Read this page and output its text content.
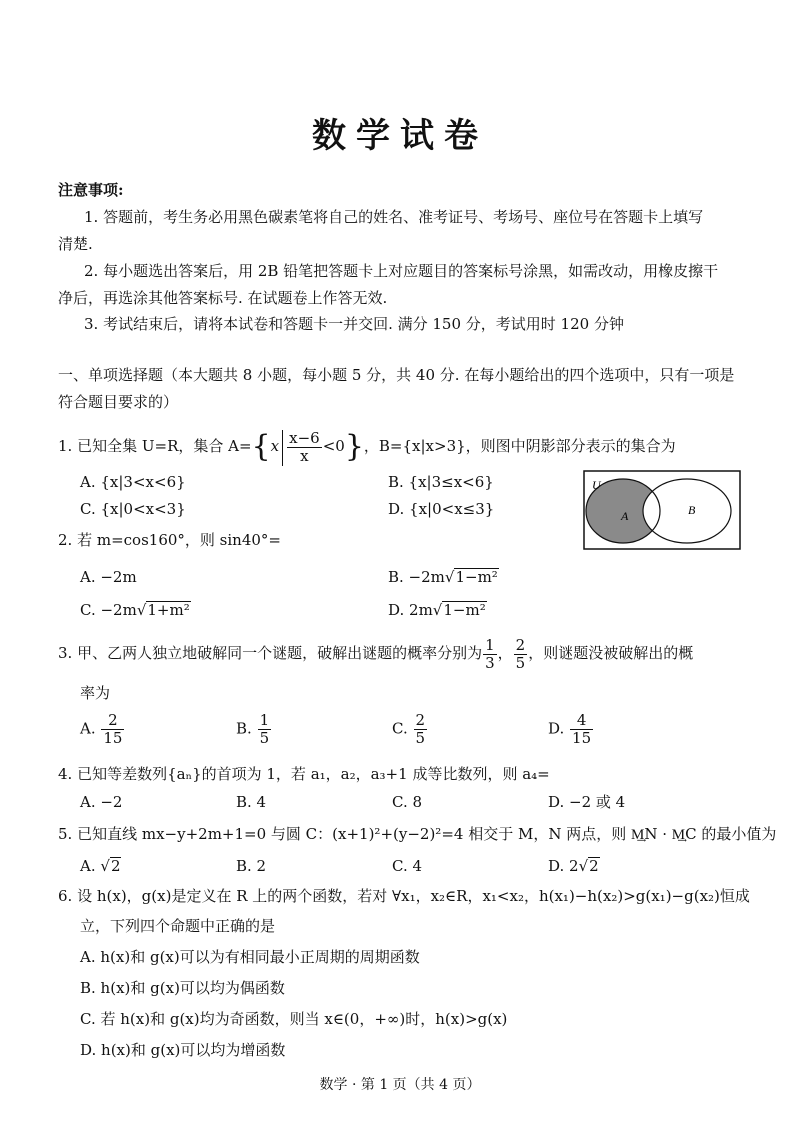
数学试卷
注意事项:
1. 答题前，考生务必用黑色碳素笔将自己的姓名、准考证号、考场号、座位号在答题卡上填写
清楚.
2. 每小题选出答案后，用 2B 铅笔把答题卡上对应题目的答案标号涂黑，如需改动，用橡皮擦干
净后，再选涂其他答案标号. 在试题卷上作答无效.
3. 考试结束后，请将本试卷和答题卡一并交回. 满分 150 分，考试用时 120 分钟
一、单项选择题（本大题共 8 小题，每小题 5 分，共 40 分. 在每小题给出的四个选项中，只有一项是
符合题目要求的）
1. 已知全集 U=R，集合 $A=\{x \frac{x-6}{x} <0\}$，B={x|x>3}，则图中阴影部分表示的集合为
A. {x|3<x<6}	B. {x|3≤x<6}
C. {x|0<x<3}	D. {x|0<x≤3}
U
A	B
2. 若 m=cos160°，则 sin40°=
A. −2m	B. −2m√1−m²
C. −2m√1+m²	D. 2m√1−m²
3. 甲、乙两人独立地破解同一个谜题，破解出谜题的概率分别为 $\frac{1}{3}$ ， $\frac{2}{5}$ ，则谜题没被破解出的概
率为
A. $\frac{2}{15}$	B. $\frac{1}{5}$	C. $\frac{2}{5}$	D. $\frac{4}{15}$
4. 已知等差数列{aₙ}的首项为 1，若 a₁，a₂，a₃+1 成等比数列，则 a₄=
A. −2	B. 4	C. 8	D. −2 或 4
5. 已知直线 mx−y+2m+1=0 与圆 C：(x+1)²+(y−2)²=4 相交于 M，N 两点，则 M͢N · M͢C 的最小值为
A. √2	B. 2	C. 4	D. 2√2
6. 设 h(x)，g(x)是定义在 R 上的两个函数，若对 ∀x₁，x₂∈R，x₁<x₂，h(x₁)−h(x₂)>g(x₁)−g(x₂)恒成
立，下列四个命题中正确的是
A. h(x)和 g(x)可以为有相同最小正周期的周期函数
B. h(x)和 g(x)可以均为偶函数
C. 若 h(x)和 g(x)均为奇函数，则当 x∈(0，+∞)时，h(x)>g(x)
D. h(x)和 g(x)可以均为增函数
数学 · 第 1 页（共 4 页）
